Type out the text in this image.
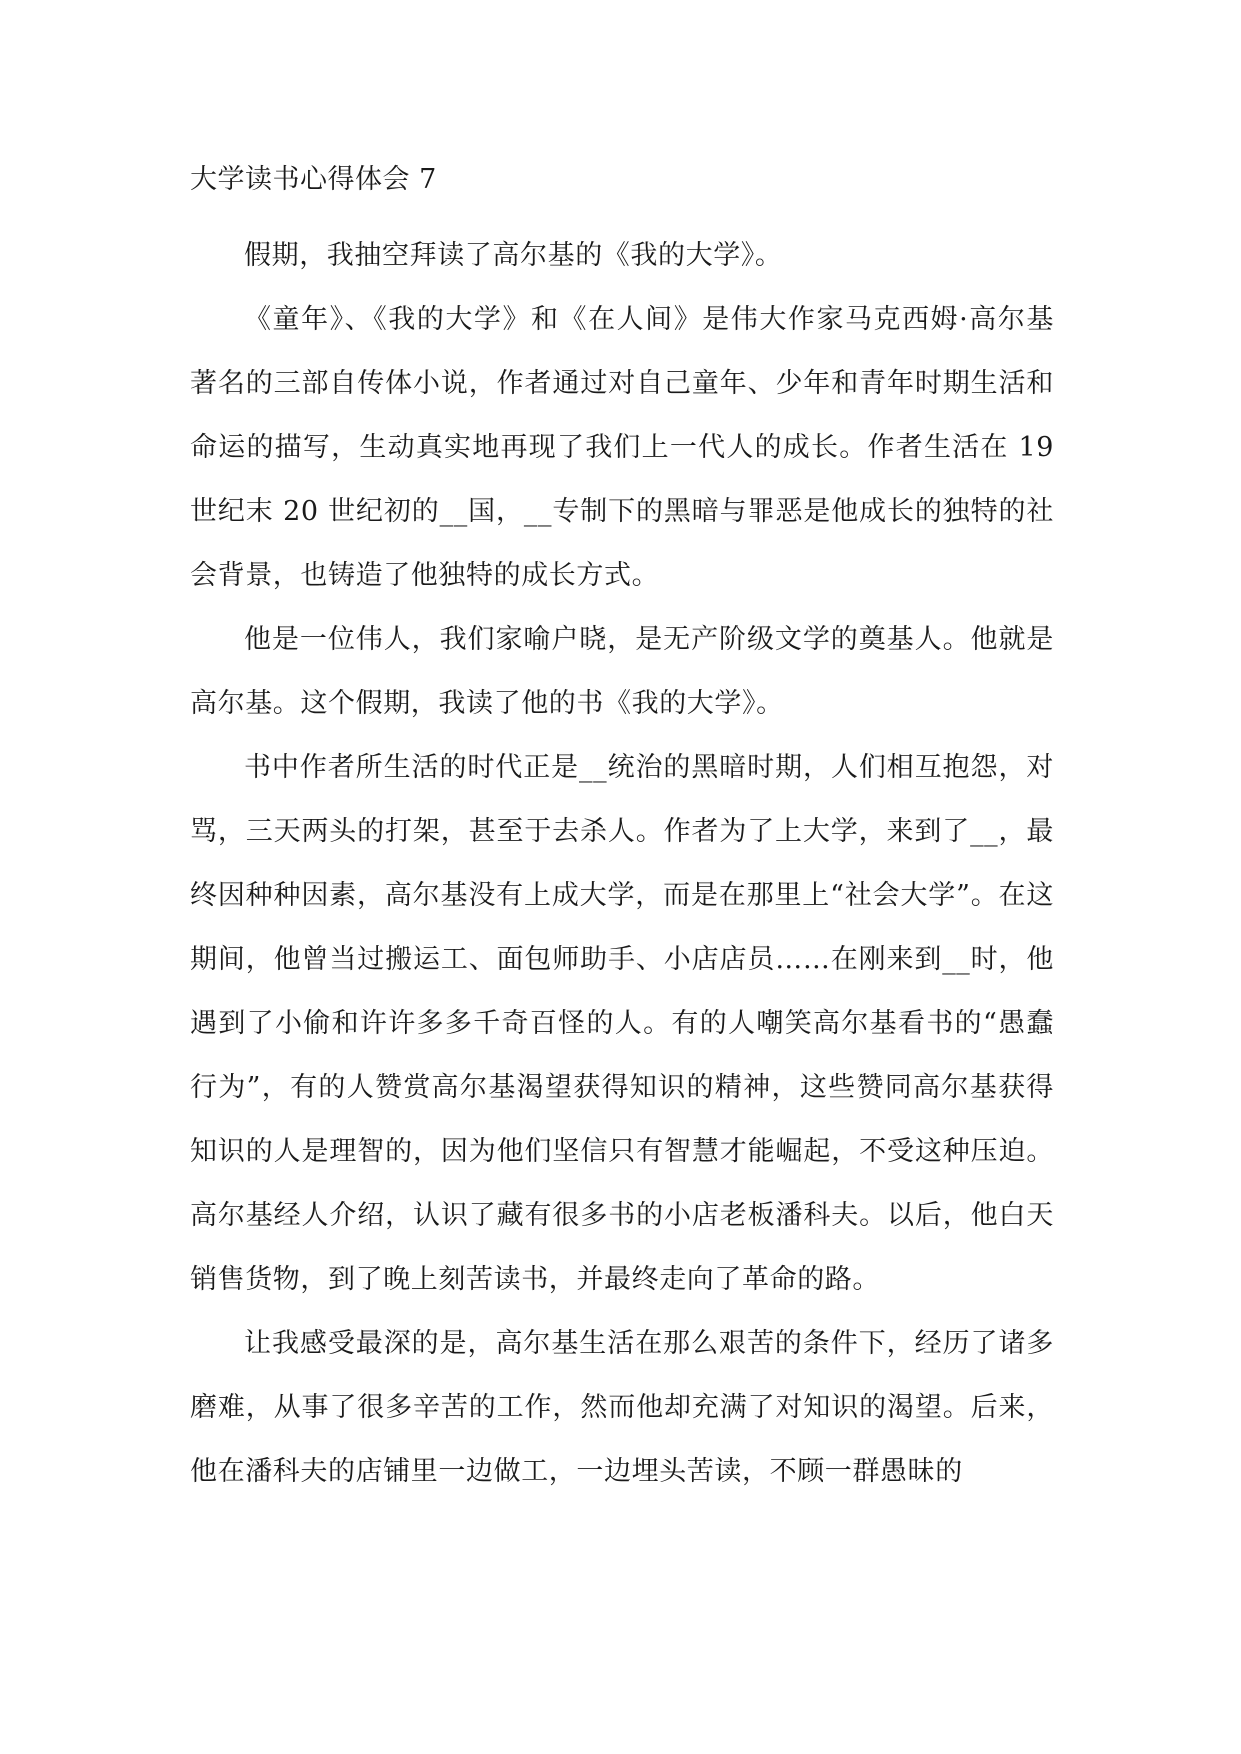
大学读书心得体会 7

假期，我抽空拜读了高尔基的《我的大学》。

《童年》、《我的大学》和《在人间》是伟大作家马克西姆·高尔基著名的三部自传体小说，作者通过对自己童年、少年和青年时期生活和命运的描写，生动真实地再现了我们上一代人的成长。作者生活在 19 世纪末 20 世纪初的__国，__专制下的黑暗与罪恶是他成长的独特的社会背景，也铸造了他独特的成长方式。

他是一位伟人，我们家喻户晓，是无产阶级文学的奠基人。他就是高尔基。这个假期，我读了他的书《我的大学》。

书中作者所生活的时代正是__统治的黑暗时期，人们相互抱怨，对骂，三天两头的打架，甚至于去杀人。作者为了上大学，来到了__，最终因种种因素，高尔基没有上成大学，而是在那里上“社会大学”。在这期间，他曾当过搬运工、面包师助手、小店店员……在刚来到__时，他遇到了小偷和许许多多千奇百怪的人。有的人嘲笑高尔基看书的“愚蠢行为”，有的人赞赏高尔基渴望获得知识的精神，这些赞同高尔基获得知识的人是理智的，因为他们坚信只有智慧才能崛起，不受这种压迫。高尔基经人介绍，认识了藏有很多书的小店老板潘科夫。以后，他白天销售货物，到了晚上刻苦读书，并最终走向了革命的路。

让我感受最深的是，高尔基生活在那么艰苦的条件下，经历了诸多磨难，从事了很多辛苦的工作，然而他却充满了对知识的渴望。后来，他在潘科夫的店铺里一边做工，一边埋头苦读，不顾一群愚昧的
